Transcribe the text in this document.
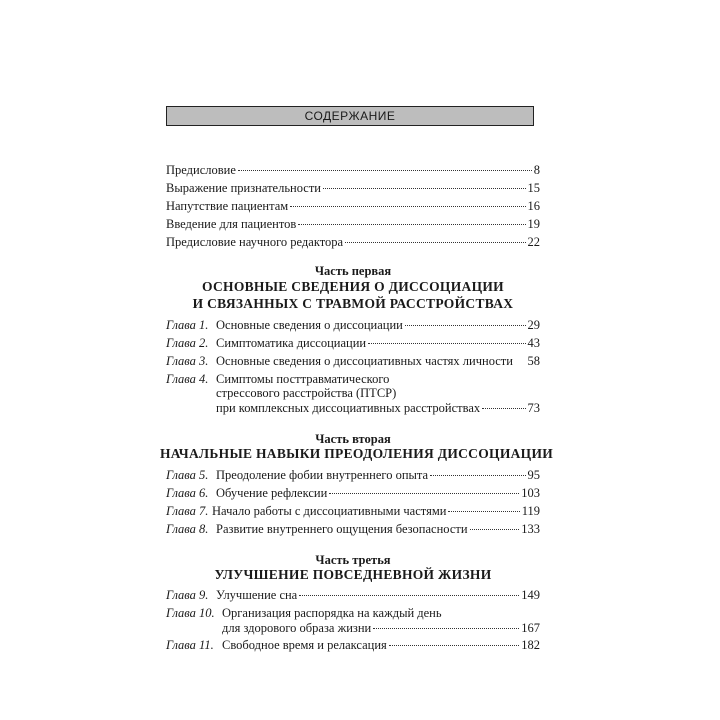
СОДЕРЖАНИЕ
Предисловие	8
Выражение признательности	15
Напутствие пациентам	16
Введение для пациентов	19
Предисловие научного редактора	22
Часть первая
ОСНОВНЫЕ СВЕДЕНИЯ О ДИССОЦИАЦИИ
И СВЯЗАННЫХ С ТРАВМОЙ РАССТРОЙСТВАХ
Глава 1. Основные сведения о диссоциации	29
Глава 2. Симптоматика диссоциации	43
Глава 3. Основные сведения о диссоциативных частях личности 58
Глава 4. Симптомы посттравматического
стрессового расстройства (ПТСР)
при комплексных диссоциативных расстройствах	73
Часть вторая
НАЧАЛЬНЫЕ НАВЫКИ ПРЕОДОЛЕНИЯ ДИССОЦИАЦИИ
Глава 5. Преодоление фобии внутреннего опыта	95
Глава 6. Обучение рефлексии	103
Глава 7. Начало работы с диссоциативными частями	119
Глава 8. Развитие внутреннего ощущения безопасности	133
Часть третья
УЛУЧШЕНИЕ ПОВСЕДНЕВНОЙ ЖИЗНИ
Глава 9. Улучшение сна	149
Глава 10. Организация распорядка на каждый день
для здорового образа жизни	167
Глава 11. Свободное время и релаксация	182
